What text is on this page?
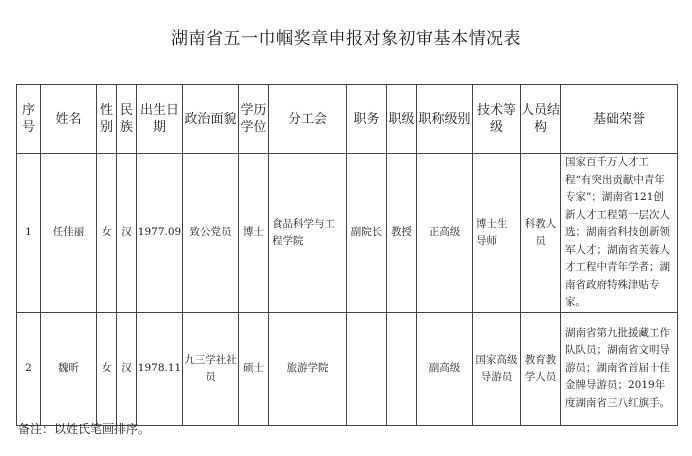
湖南省五一巾帼奖章申报对象初审基本情况表
序号	姓名	性别	民族	出生日期	政治面貌	学历学位	分工会	职务	职级	职称级别	技术等级	人员结构	基础荣誉
1	任佳丽	女	汉	1977.09	致公党员	博士	食品科学与工程学院	副院长	教授	正高级	博士生导师	科教人员	国家百千万人才工程“有突出贡献中青年专家”；湖南省121创新人才工程第一层次人选；湖南省科技创新领军人才；湖南省芙蓉人才工程中青年学者；湖南省政府特殊津贴专家。
2	魏昕	女	汉	1978.11	九三学社社员	硕士	旅游学院			副高级	国家高级导游员	教育教学人员	湖南省第九批援藏工作队队员；湖南省文明导游员；湖南省首届十佳金牌导游员；2019年度湖南省三八红旗手。
备注：以姓氏笔画排序。
